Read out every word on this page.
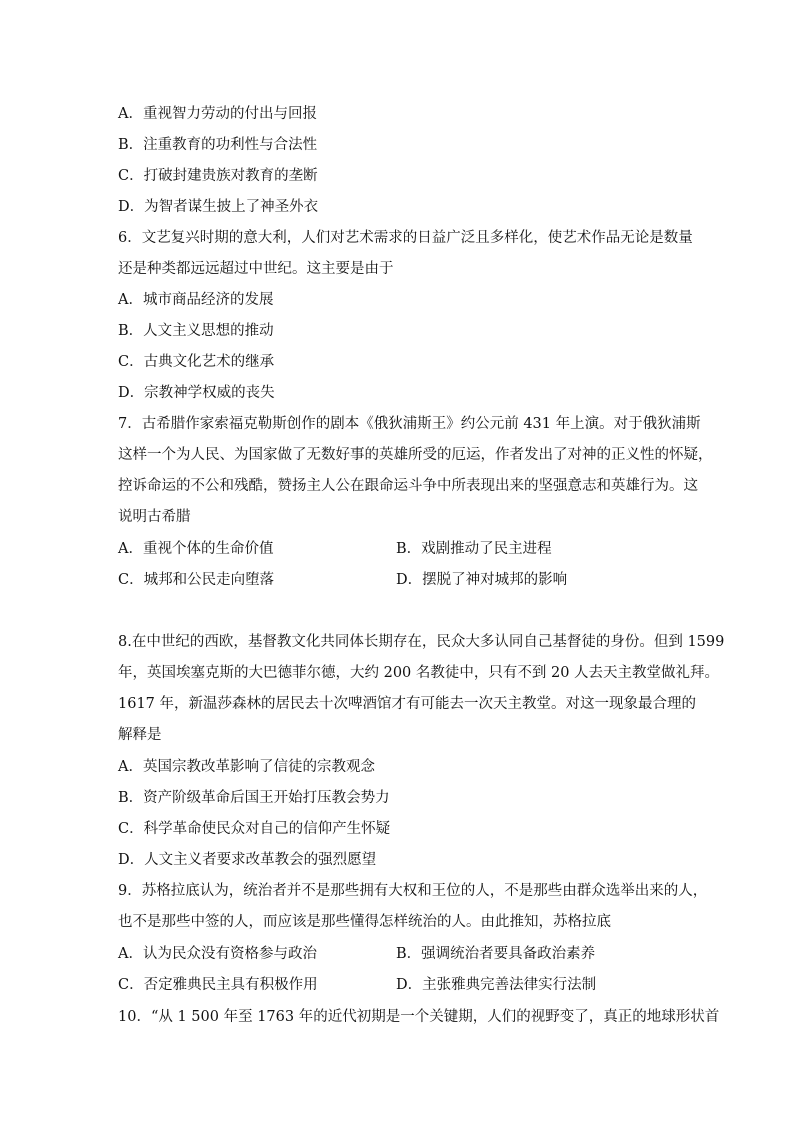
A．重视智力劳动的付出与回报
B．注重教育的功利性与合法性
C．打破封建贵族对教育的垄断
D．为智者谋生披上了神圣外衣
6．文艺复兴时期的意大利，人们对艺术需求的日益广泛且多样化，使艺术作品无论是数量
还是种类都远远超过中世纪。这主要是由于
A．城市商品经济的发展
B．人文主义思想的推动
C．古典文化艺术的继承
D．宗教神学权威的丧失
7．古希腊作家索福克勒斯创作的剧本《俄狄浦斯王》约公元前 431 年上演。对于俄狄浦斯
这样一个为人民、为国家做了无数好事的英雄所受的厄运，作者发出了对神的正义性的怀疑，
控诉命运的不公和残酷，赞扬主人公在跟命运斗争中所表现出来的坚强意志和英雄行为。这
说明古希腊
A．重视个体的生命价值	B．戏剧推动了民主进程
C．城邦和公民走向堕落	D．摆脱了神对城邦的影响
8.在中世纪的西欧，基督教文化共同体长期存在，民众大多认同自己基督徒的身份。但到 1599
年，英国埃塞克斯的大巴德菲尔德，大约 200 名教徒中，只有不到 20 人去天主教堂做礼拜。
1617 年，新温莎森林的居民去十次啤酒馆才有可能去一次天主教堂。对这一现象最合理的
解释是
A．英国宗教改革影响了信徒的宗教观念
B．资产阶级革命后国王开始打压教会势力
C．科学革命使民众对自己的信仰产生怀疑
D．人文主义者要求改革教会的强烈愿望
9．苏格拉底认为，统治者并不是那些拥有大权和王位的人，不是那些由群众选举出来的人，
也不是那些中签的人，而应该是那些懂得怎样统治的人。由此推知，苏格拉底
A．认为民众没有资格参与政治	B．强调统治者要具备政治素养
C．否定雅典民主具有积极作用	D．主张雅典完善法律实行法制
10．“从 1 500 年至 1763 年的近代初期是一个关键期，人们的视野变了，真正的地球形状首
